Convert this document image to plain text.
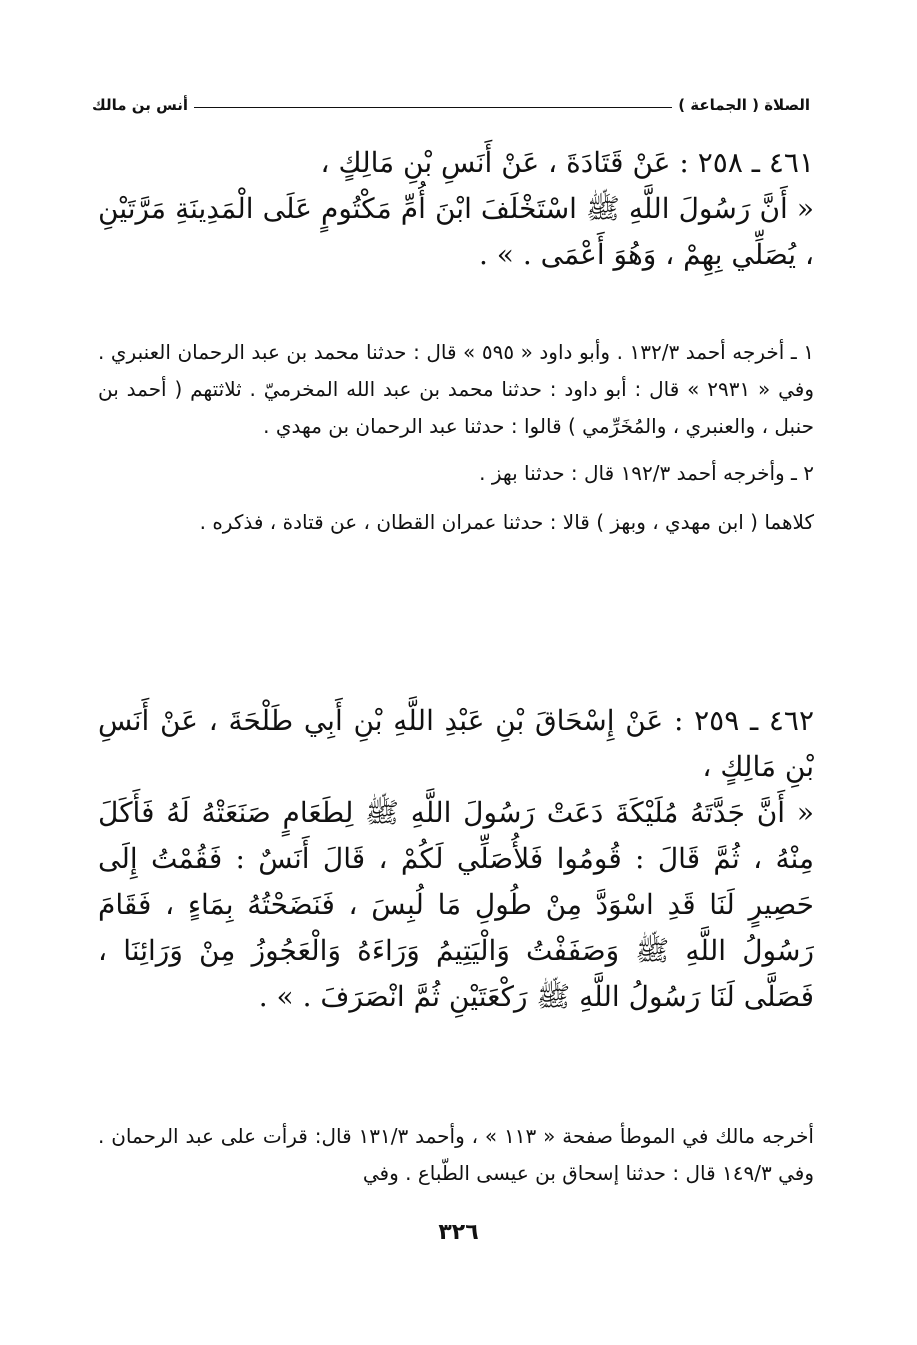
الصلاة ( الجماعة )
أنس بن مالك

٤٦١ ـ ٢٥٨ : عَنْ قَتَادَةَ ، عَنْ أَنَسِ بْنِ مَالِكٍ ،

« أَنَّ رَسُولَ اللَّهِ ﷺ اسْتَخْلَفَ ابْنَ أُمِّ مَكْتُومٍ عَلَى الْمَدِينَةِ مَرَّتَيْنِ ، يُصَلِّي بِهِمْ ، وَهُوَ أَعْمَى . » .

١ ـ أخرجه أحمد ١٣٢/٣ . وأبو داود « ٥٩٥ » قال : حدثنا محمد بن عبد الرحمان العنبري . وفي « ٢٩٣١ » قال : أبو داود : حدثنا محمد بن عبد الله المخرميّ . ثلاثتهم ( أحمد بن حنبل ، والعنبري ، والمُخَرِّمي ) قالوا : حدثنا عبد الرحمان بن مهدي .

٢ ـ وأخرجه أحمد ١٩٢/٣ قال : حدثنا بهز .

كلاهما ( ابن مهدي ، وبهز ) قالا : حدثنا عمران القطان ، عن قتادة ، فذكره .

٤٦٢ ـ ٢٥٩ : عَنْ إِسْحَاقَ بْنِ عَبْدِ اللَّهِ بْنِ أَبِي طَلْحَةَ ، عَنْ أَنَسِ بْنِ مَالِكٍ ،

« أَنَّ جَدَّتَهُ مُلَيْكَةَ دَعَتْ رَسُولَ اللَّهِ ﷺ لِطَعَامٍ صَنَعَتْهُ لَهُ فَأَكَلَ مِنْهُ ، ثُمَّ قَالَ : قُومُوا فَلأُصَلِّي لَكُمْ ، قَالَ أَنَسٌ : فَقُمْتُ إِلَى حَصِيرٍ لَنَا قَدِ اسْوَدَّ مِنْ طُولِ مَا لُبِسَ ، فَنَضَحْتُهُ بِمَاءٍ ، فَقَامَ رَسُولُ اللَّهِ ﷺ وَصَفَفْتُ وَالْيَتِيمُ وَرَاءَهُ وَالْعَجُوزُ مِنْ وَرَائِنَا ، فَصَلَّى لَنَا رَسُولُ اللَّهِ ﷺ رَكْعَتَيْنِ ثُمَّ انْصَرَفَ . » .

أخرجه مالك في الموطأ صفحة « ١١٣ » ، وأحمد ١٣١/٣ قال: قرأت على عبد الرحمان . وفي ١٤٩/٣ قال : حدثنا إسحاق بن عيسى الطّباع . وفي

٣٢٦
